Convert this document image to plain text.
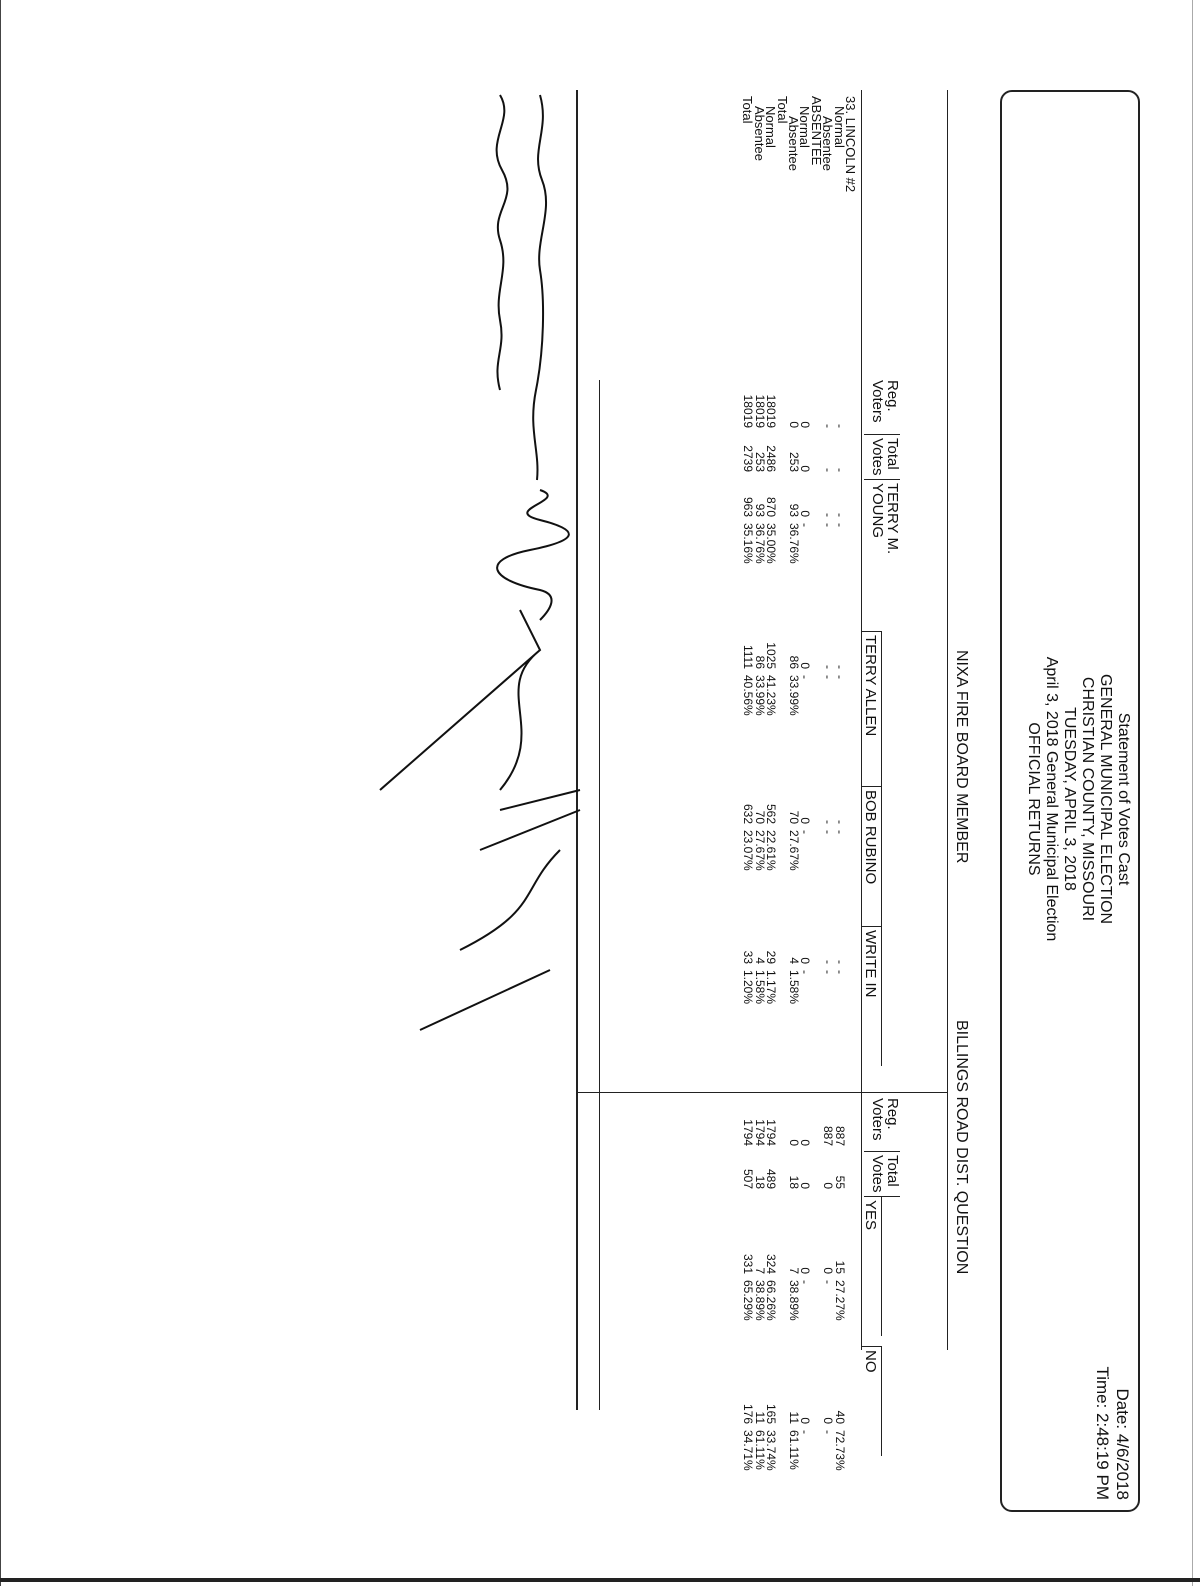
Statement of Votes Cast
GENERAL MUNICIPAL ELECTION
CHRISTIAN COUNTY, MISSOURI
TUESDAY, APRIL 3, 2018
April 3, 2018 General Municipal Election
OFFICIAL RETURNS
Date: 4/6/2018
Time: 2:48:19 PM
NIXA FIRE BOARD MEMBER
BILLINGS ROAD DIST. QUESTION
Reg. Voters
Total Votes
TERRY M. YOUNG
TERRY ALLEN
BOB RUBINO
WRITE IN
Reg. Voters
Total Votes
YES
NO
33. LINCOLN #2
Normal
Absentee
ABSENTEE
Normal
Absentee
Total
Normal
Absentee
Total
-
-
-
-
-
-
-
-
-
-
-
-
-
-
-
-
-
-
-
-
0
0
0
-
0
-
0
-
0
-
0
253
93
36.76%
86
33.99%
70
27.67%
4
1.58%
18019
2486
870
35.00%
1025
41.23%
562
22.61%
29
1.17%
18019
253
93
36.76%
86
33.99%
70
27.67%
4
1.58%
18019
2739
963
35.16%
1111
40.56%
632
23.07%
33
1.20%
887
55
15
27.27%
40
72.73%
887
0
0
-
0
-
0
0
0
-
0
-
0
18
7
38.89%
11
61.11%
1794
489
324
66.26%
165
33.74%
1794
18
7
38.89%
11
61.11%
1794
507
331
65.29%
176
34.71%
